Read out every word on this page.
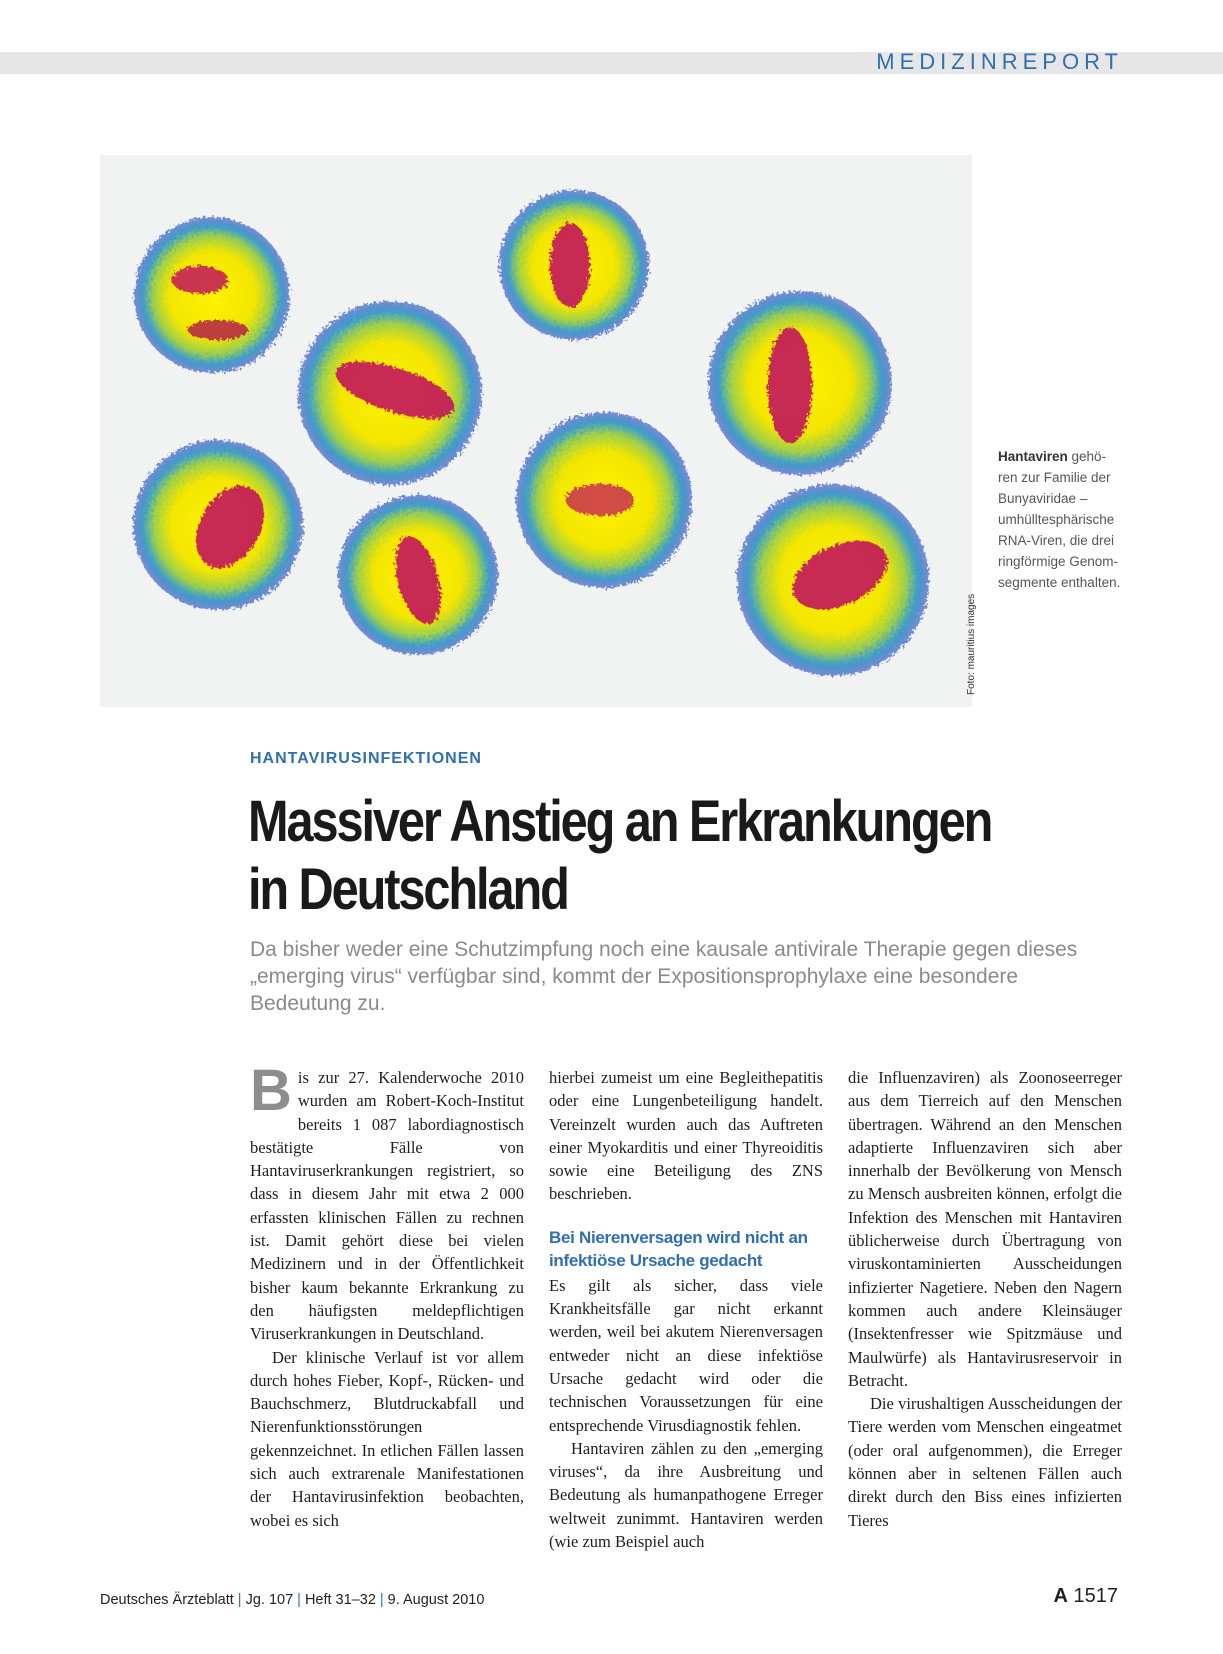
MEDIZINREPORT
Foto: mauritius images
Hantaviren gehö-
ren zur Familie der
Bunyaviridae –
umhülltesphärische
RNA-Viren, die drei
ringförmige Genom-
segmente enthalten.
HANTAVIRUSINFEKTIONEN
Massiver Anstieg an Erkrankungen
in Deutschland
Da bisher weder eine Schutzimpfung noch eine kausale antivirale Therapie gegen dieses „emerging virus“ verfügbar sind, kommt der Expositionsprophylaxe eine besondere Bedeutung zu.

Bis zur 27. Kalenderwoche 2010 wurden am Robert-Koch-Institut bereits 1 087 labordiagnostisch bestätigte Fälle von Hantaviruserkrankungen registriert, so dass in diesem Jahr mit etwa 2 000 erfassten klinischen Fällen zu rechnen ist. Damit gehört diese bei vielen Medizinern und in der Öffentlichkeit bisher kaum bekannte Erkrankung zu den häufigsten meldepflichtigen Viruserkrankungen in Deutschland.

Der klinische Verlauf ist vor allem durch hohes Fieber, Kopf-, Rücken- und Bauchschmerz, Blutdruckabfall und Nierenfunktionsstörungen gekennzeichnet. In etlichen Fällen lassen sich auch extrarenale Manifestationen der Hantavirusinfektion beobachten, wobei es sich

hierbei zumeist um eine Begleithepatitis oder eine Lungenbeteiligung handelt. Vereinzelt wurden auch das Auftreten einer Myokarditis und einer Thyreoiditis sowie eine Beteiligung des ZNS beschrieben.

Bei Nierenversagen wird nicht an infektiöse Ursache gedacht

Es gilt als sicher, dass viele Krankheitsfälle gar nicht erkannt werden, weil bei akutem Nierenversagen entweder nicht an diese infektiöse Ursache gedacht wird oder die technischen Voraussetzungen für eine entsprechende Virusdiagnostik fehlen.

Hantaviren zählen zu den „emerging viruses“, da ihre Ausbreitung und Bedeutung als humanpathogene Erreger weltweit zunimmt. Hantaviren werden (wie zum Beispiel auch

die Influenzaviren) als Zoonoseerreger aus dem Tierreich auf den Menschen übertragen. Während an den Menschen adaptierte Influenzaviren sich aber innerhalb der Bevölkerung von Mensch zu Mensch ausbreiten können, erfolgt die Infektion des Menschen mit Hantaviren üblicherweise durch Übertragung von viruskontaminierten Ausscheidungen infizierter Nagetiere. Neben den Nagern kommen auch andere Kleinsäuger (Insektenfresser wie Spitzmäuse und Maulwürfe) als Hantavirusreservoir in Betracht.

Die virushaltigen Ausscheidungen der Tiere werden vom Menschen eingeatmet (oder oral aufgenommen), die Erreger können aber in seltenen Fällen auch direkt durch den Biss eines infizierten Tieres

Deutsches Ärzteblatt | Jg. 107 | Heft 31–32 | 9. August 2010	A 1517
